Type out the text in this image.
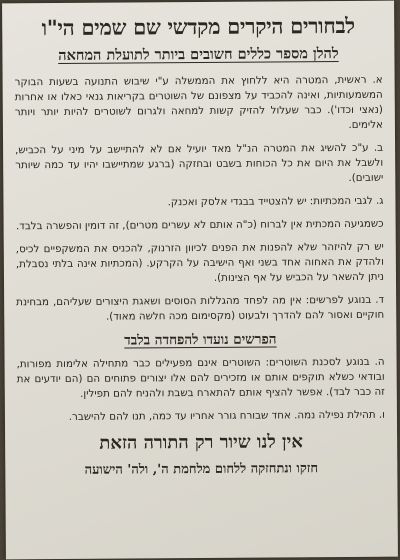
לבחורים היקרים מקדשי שם שמים הי"ו
להלן מספר כללים חשובים ביותר לתועלת המחאה

א. ראשית, המטרה היא ללחוץ את הממשלה ע"י שיבוש התנועה בשעות הבוקר המשמעותיות, ואינה להכביד על מצפונם של השוטרים בקריאות גנאי כאלו או אחרות (נאצי וכדו'). כבר שעלול להזיק קשות למחאה ולגרום לשוטרים להיות יותר ויותר אלימים.

ב. ע"כ להשיג את המטרה הנ"ל מאד יועיל אם לא להתיישב על מיני על הכביש, ולשבל את היום את כל הכוחות בשבט ובחזקה (ברגע שמתיישבו יהיו עד כמה שיותר ישובים).

ג. לגבי המכתיות: יש להצטייד בבגדי אלסק ואכנק.

כשמגיעה המכתית אין לברוח (כ"ה אותם לא עשרים מטרים), זה דומין והפשרה בלבד.

יש רק להיזהר שלא להפנות את הפנים לכיוון הזרנוק, להכניס את המשקפיים לכיס, ולהדק את האחוה אחד בשני ואף הישיבה על הקרקע. (המכתיות אינה בלתי נסבלת, ניתן להשאר על הכביש על אף הצינות).

ד. בנוגע לפרשים: אין מה לפחד מהגללות הסוסים ושאגת היצורים שעליהם, מבחינת חוקיים ואסור להם להדרך ולבעוט (מקסימום מכה חלשה מאוד).

הפרשים נועדו להפחדה בלבד

ה. בנוגע לסכנת השוטרים: השוטרים אינם מפעילים כבר מתחילה אלימות מפורות, ובודאי כשלא תוקפים אותם או מזכירים להם אלו יצורים פתוחים הם (הם יודעים את זה כבר לבד). אפשר להציף אותם להתארח בשבת ולהניח להם תפילין.

ו. תהילת נפילה נמה. אחד שבורח גורר אחריו עד כמה, תנו להם להישבר.

אין לנו שיור רק התורה הזאת
חזקו ונתחזקה ללחום מלחמת ה', ולה' הישועה
